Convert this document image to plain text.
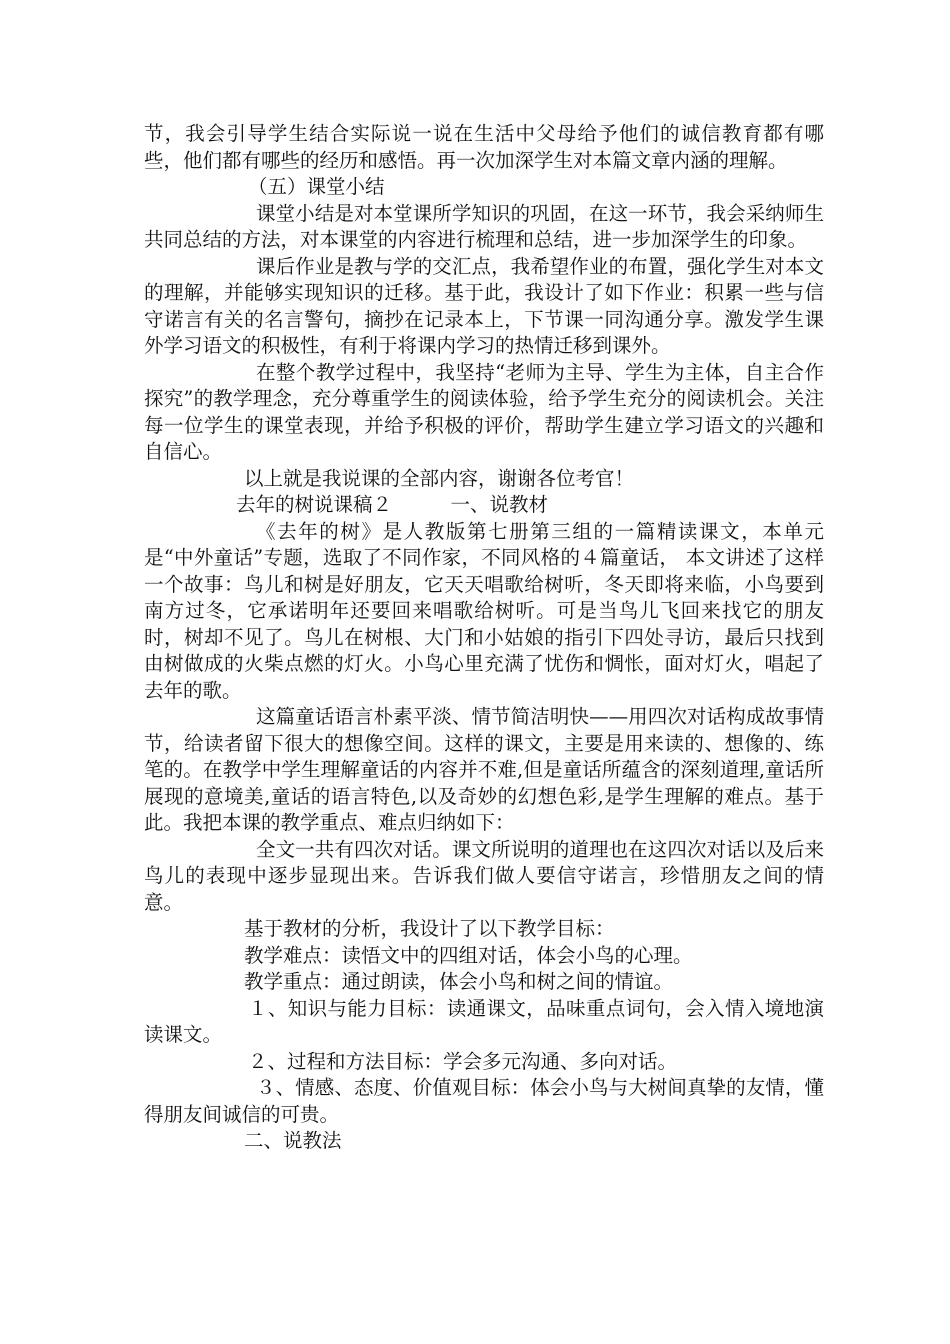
节，我会引导学生结合实际说一说在生活中父母给予他们的诚信教育都有哪些，他们都有哪些的经历和感悟。再一次加深学生对本篇文章内涵的理解。

（五）课堂小结

课堂小结是对本堂课所学知识的巩固，在这一环节，我会采纳师生共同总结的方法，对本课堂的内容进行梳理和总结，进一步加深学生的印象。

课后作业是教与学的交汇点，我希望作业的布置，强化学生对本文的理解，并能够实现知识的迁移。基于此，我设计了如下作业：积累一些与信守诺言有关的名言警句，摘抄在记录本上，下节课一同沟通分享。激发学生课外学习语文的积极性，有利于将课内学习的热情迁移到课外。

在整个教学过程中，我坚持“老师为主导、学生为主体，自主合作探究”的教学理念，充分尊重学生的阅读体验，给予学生充分的阅读机会。关注每一位学生的课堂表现，并给予积极的评价，帮助学生建立学习语文的兴趣和自信心。

以上就是我说课的全部内容，谢谢各位考官！

去年的树说课稿２　　　一、说教材

《去年的树》是人教版第七册第三组的一篇精读课文，本单元是“中外童话”专题，选取了不同作家，不同风格的４篇童话， 本文讲述了这样一个故事：鸟儿和树是好朋友，它天天唱歌给树听，冬天即将来临，小鸟要到南方过冬，它承诺明年还要回来唱歌给树听。可是当鸟儿飞回来找它的朋友时，树却不见了。鸟儿在树根、大门和小姑娘的指引下四处寻访，最后只找到由树做成的火柴点燃的灯火。小鸟心里充满了忧伤和惆怅，面对灯火，唱起了去年的歌。

这篇童话语言朴素平淡、情节简洁明快——用四次对话构成故事情节，给读者留下很大的想像空间。这样的课文，主要是用来读的、想像的、练笔的。在教学中学生理解童话的内容并不难,但是童话所蕴含的深刻道理,童话所展现的意境美,童话的语言特色,以及奇妙的幻想色彩,是学生理解的难点。基于此。我把本课的教学重点、难点归纳如下：

全文一共有四次对话。课文所说明的道理也在这四次对话以及后来鸟儿的表现中逐步显现出来。告诉我们做人要信守诺言，珍惜朋友之间的情意。

基于教材的分析，我设计了以下教学目标：

教学难点：读悟文中的四组对话，体会小鸟的心理。

教学重点：通过朗读，体会小鸟和树之间的情谊。

１、知识与能力目标：读通课文，品味重点词句，会入情入境地演读课文。

２、过程和方法目标：学会多元沟通、多向对话。

３、情感、态度、价值观目标：体会小鸟与大树间真挚的友情，懂得朋友间诚信的可贵。

二、说教法
